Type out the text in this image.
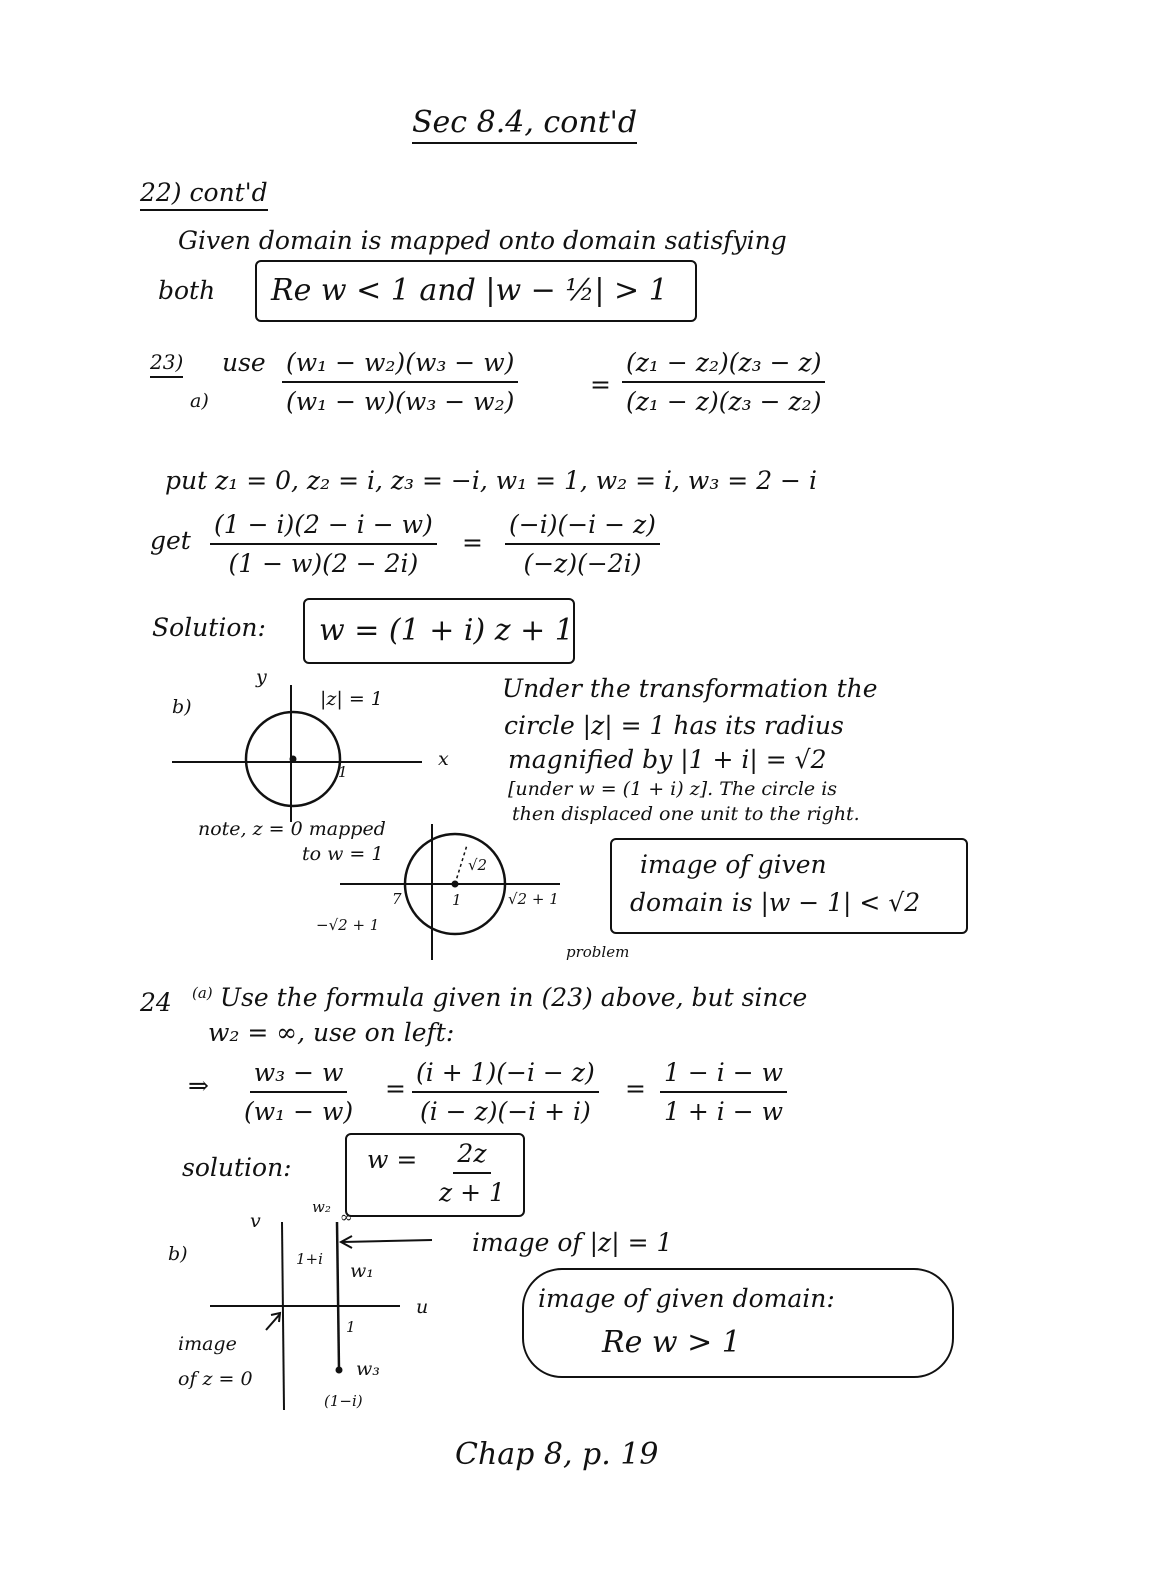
Sec 8.4, cont'd
22) cont'd
Given domain is mapped onto domain satisfying
both Re w < 1 and |w − ½| > 1
23) use
a)	$\frac{\text{(w₁ − w₂)(w₃ − w)}}{\text{(w₁ − w)(w₃ − w₂)}}$	= $\frac{\text{(z₁ − z₂)(z₃ − z)}}{\text{(z₁ − z)(z₃ − z₂)}}$
put z₁ = 0, z₂ = i, z₃ = −i, w₁ = 1, w₂ = i, w₃ = 2 − i
get $\frac{(1 - i)(2 - i - w)}{(1 - w)(2 - 2i)} = \frac{(-i)(-i - z)}{(-z)(-2i)}$
Solution: w = (1 + i) z + 1
b)
y
x
|z| = 1
1
Under the transformation the
circle |z| = 1 has its radius
magnified by |1 + i| = √2
[under w = (1 + i) z]. The circle is
then displaced one unit to the right.
note, z = 0 mapped
to w = 1	√2
7	1	√2 + 1
−√2 + 1
image of given
domain is |w − 1| < √2
problem
24 (a) Use the formula given in (23) above, but since
w₂ = ∞, use on left:
⇒ $\frac{\text{w₃ − w}}{\text{(w₁ − w)}} = \frac{(i + 1)(-i - z)}{(i - z)(-i + i)} = \frac{1 - i - w}{1 + i - w}$
solution:	$w = \frac{2z}{z + 1}$
b)
v
u
w₂
∞
1+i
w₁
1
w₃
(1−i)
image of |z| = 1
image
of z = 0
image of given domain:
Re w > 1
Chap 8, p. 19
